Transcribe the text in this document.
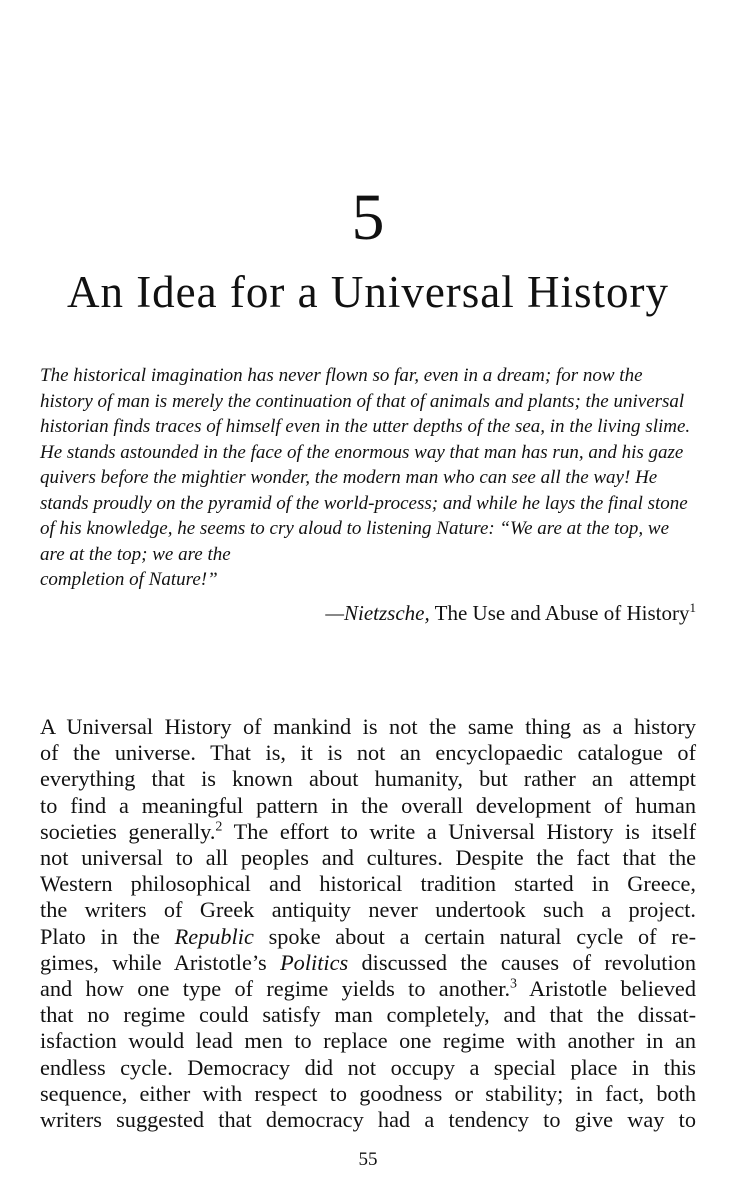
5
An Idea for a Universal History
The historical imagination has never flown so far, even in a dream; for now the history of man is merely the continuation of that of animals and plants; the universal historian finds traces of himself even in the utter depths of the sea, in the living slime. He stands astounded in the face of the enormous way that man has run, and his gaze quivers before the mightier wonder, the modern man who can see all the way! He stands proudly on the pyramid of the world-process; and while he lays the final stone of his knowledge, he seems to cry aloud to listening Nature: “We are at the top, we are at the top; we are the
completion of Nature!”
—Nietzsche, The Use and Abuse of History$^1$
A Universal History of mankind is not the same thing as a history
of the universe. That is, it is not an encyclopaedic catalogue of
everything that is known about humanity, but rather an attempt
to find a meaningful pattern in the overall development of human
societies generally.$^2$ The effort to write a Universal History is itself
not universal to all peoples and cultures. Despite the fact that the
Western philosophical and historical tradition started in Greece,
the writers of Greek antiquity never undertook such a project.
Plato in the Republic spoke about a certain natural cycle of re-
gimes, while Aristotle’s Politics discussed the causes of revolution
and how one type of regime yields to another.$^3$ Aristotle believed
that no regime could satisfy man completely, and that the dissat-
isfaction would lead men to replace one regime with another in an
endless cycle. Democracy did not occupy a special place in this
sequence, either with respect to goodness or stability; in fact, both
writers suggested that democracy had a tendency to give way to
55
